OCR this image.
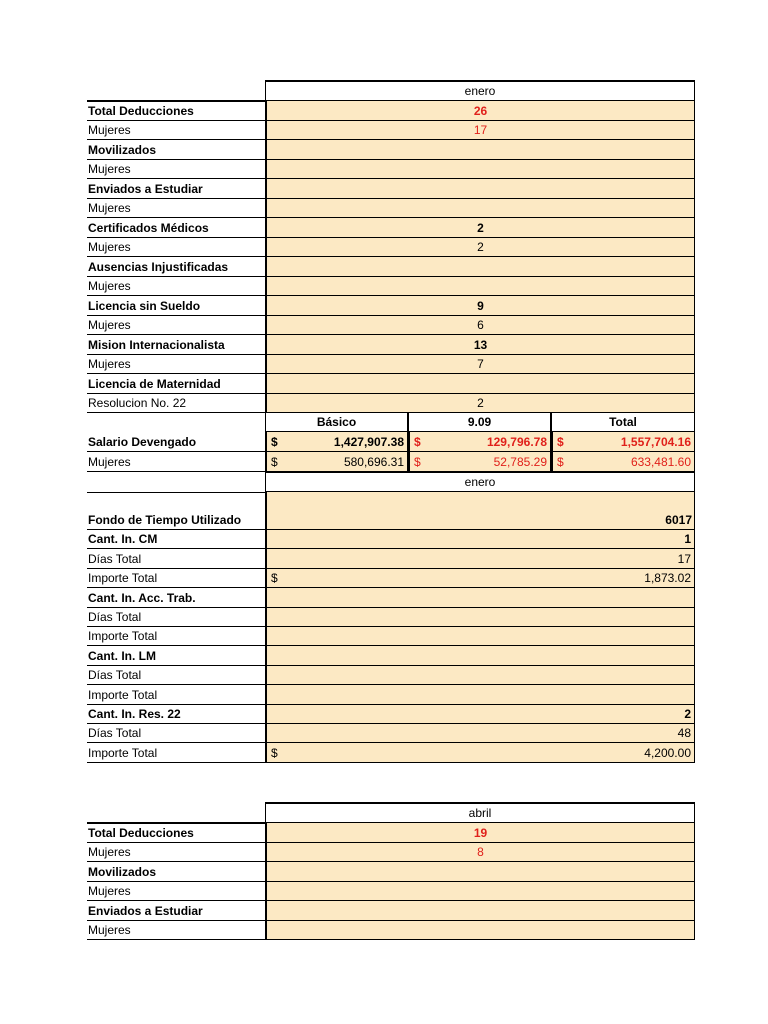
enero
Total Deducciones	26
Mujeres	17
Movilizados
Mujeres
Enviados a Estudiar
Mujeres
Certificados Médicos	2
Mujeres	2
Ausencias Injustificadas
Mujeres
Licencia sin Sueldo	9
Mujeres	6
Mision Internacionalista	13
Mujeres	7
Licencia de Maternidad
Resolucion No. 22	2
Básico	9.09	Total
Salario Devengado	$	1,427,907.38 $	129,796.78 $	1,557,704.16
Mujeres	$	580,696.31 $	52,785.29 $	633,481.60
enero
Fondo de Tiempo Utilizado	6017
Cant. In. CM	1
Días Total	17
Importe Total	$	1,873.02
Cant. In. Acc. Trab.
Días Total
Importe Total
Cant. In. LM
Días Total
Importe Total
Cant. In. Res. 22	2
Días Total	48
Importe Total	$	4,200.00
abril
Total Deducciones	19
Mujeres	8
Movilizados
Mujeres
Enviados a Estudiar
Mujeres
